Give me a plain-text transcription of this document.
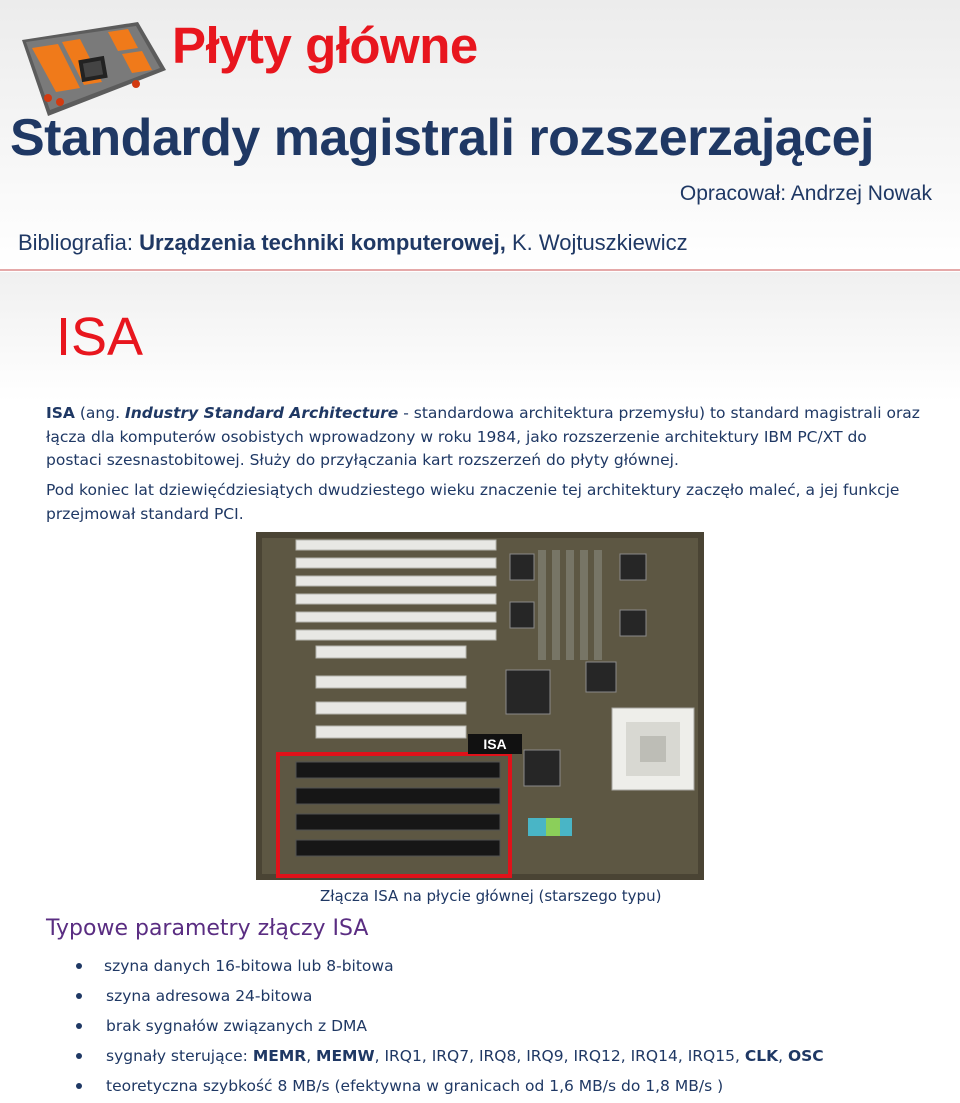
Płyty główne
Standardy magistrali rozszerzającej
Opracował: Andrzej Nowak
Bibliografia: Urządzenia techniki komputerowej, K. Wojtuszkiewicz
ISA

ISA (ang. Industry Standard Architecture - standardowa architektura przemysłu) to standard magistrali oraz łącza dla komputerów osobistych wprowadzony w roku 1984, jako rozszerzenie architektury IBM PC/XT do postaci szesnastobitowej. Służy do przyłączania kart rozszerzeń do płyty głównej.

Pod koniec lat dziewięćdziesiątych dwudziestego wieku znaczenie tej architektury zaczęło maleć, a jej funkcje przejmował standard PCI.

ISA
Złącza ISA na płycie głównej (starszego typu)
Typowe parametry złączy ISA
szyna danych 16-bitowa lub 8-bitowa
szyna adresowa 24-bitowa
brak sygnałów związanych z DMA
sygnały sterujące: MEMR, MEMW, IRQ1, IRQ7, IRQ8, IRQ9, IRQ12, IRQ14, IRQ15, CLK, OSC
teoretyczna szybkość 8 MB/s (efektywna w granicach od 1,6 MB/s do 1,8 MB/s )
